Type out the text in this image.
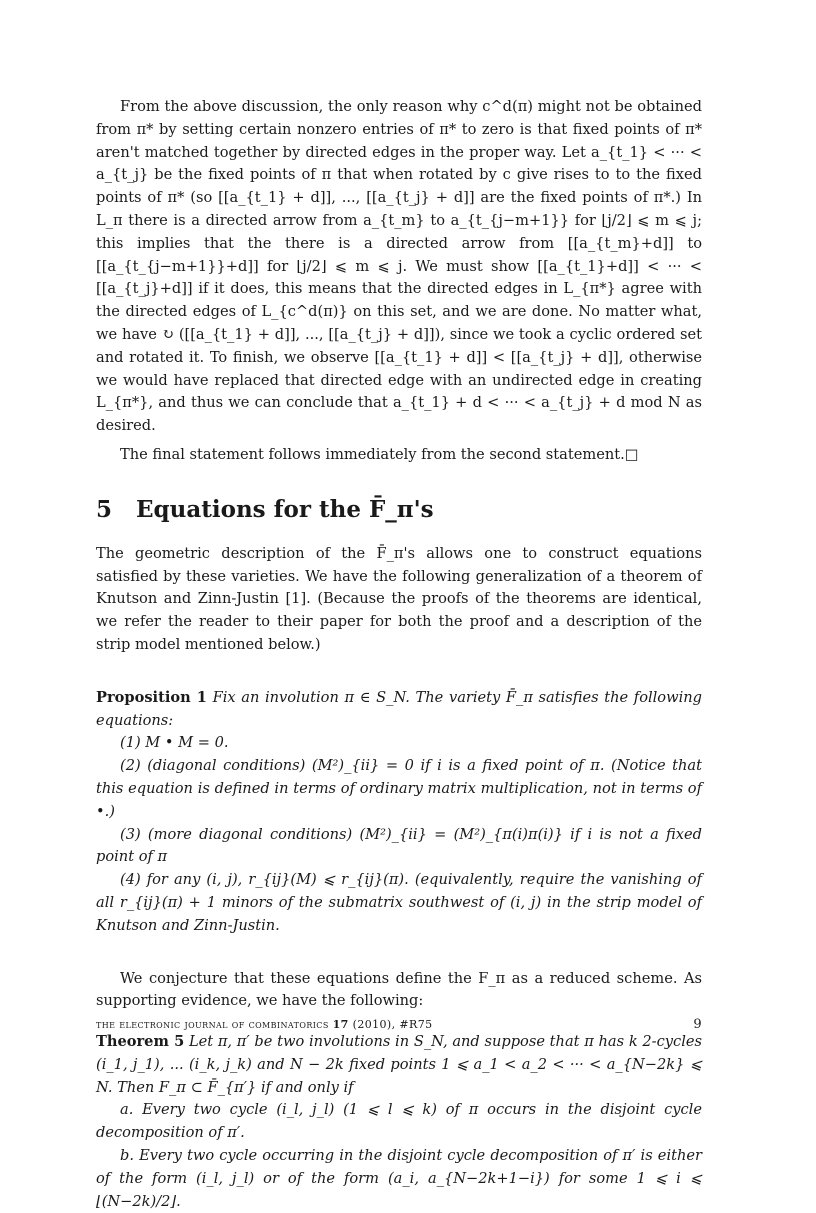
From the above discussion, the only reason why c^d(π) might not be obtained from π* by setting certain nonzero entries of π* to zero is that fixed points of π* aren't matched together by directed edges in the proper way. Let a_{t_1} < ··· < a_{t_j} be the fixed points of π that when rotated by c give rises to to the fixed points of π* (so [[a_{t_1} + d]], ..., [[a_{t_j} + d]] are the fixed points of π*.) In L_π there is a directed arrow from a_{t_m} to a_{t_{j−m+1}} for ⌊j/2⌋ ⩽ m ⩽ j; this implies that the there is a directed arrow from [[a_{t_m}+d]] to [[a_{t_{j−m+1}}+d]] for ⌊j/2⌋ ⩽ m ⩽ j. We must show [[a_{t_1}+d]] < ··· < [[a_{t_j}+d]] if it does, this means that the directed edges in L_{π*} agree with the directed edges of L_{c^d(π)} on this set, and we are done. No matter what, we have ↻ ([[a_{t_1} + d]], ..., [[a_{t_j} + d]]), since we took a cyclic ordered set and rotated it. To finish, we observe [[a_{t_1} + d]] < [[a_{t_j} + d]], otherwise we would have replaced that directed edge with an undirected edge in creating L_{π*}, and thus we can conclude that a_{t_1} + d < ··· < a_{t_j} + d mod N as desired.

The final statement follows immediately from the second statement.□

5 Equations for the F̄_π's

The geometric description of the F̄_π's allows one to construct equations satisfied by these varieties. We have the following generalization of a theorem of Knutson and Zinn-Justin [1]. (Because the proofs of the theorems are identical, we refer the reader to their paper for both the proof and a description of the strip model mentioned below.)

Proposition 1 Fix an involution π ∈ S_N. The variety F̄_π satisfies the following equations:

(1) M • M = 0.

(2) (diagonal conditions) (M²)_{ii} = 0 if i is a fixed point of π. (Notice that this equation is defined in terms of ordinary matrix multiplication, not in terms of •.)

(3) (more diagonal conditions) (M²)_{ii} = (M²)_{π(i)π(i)} if i is not a fixed point of π

(4) for any (i, j), r_{ij}(M) ⩽ r_{ij}(π). (equivalently, require the vanishing of all r_{ij}(π) + 1 minors of the submatrix southwest of (i, j) in the strip model of Knutson and Zinn-Justin.

We conjecture that these equations define the F_π as a reduced scheme. As supporting evidence, we have the following:

Theorem 5 Let π, π′ be two involutions in S_N, and suppose that π has k 2-cycles (i_1, j_1), ... (i_k, j_k) and N − 2k fixed points 1 ⩽ a_1 < a_2 < ··· < a_{N−2k} ⩽ N. Then F_π ⊂ F̄_{π′} if and only if

a. Every two cycle (i_l, j_l) (1 ⩽ l ⩽ k) of π occurs in the disjoint cycle decomposition of π′.

b. Every two cycle occurring in the disjoint cycle decomposition of π′ is either of the form (i_l, j_l) or of the form (a_i, a_{N−2k+1−i}) for some 1 ⩽ i ⩽ ⌊(N−2k)/2⌋.

the electronic journal of combinatorics 17 (2010), #R75	9
